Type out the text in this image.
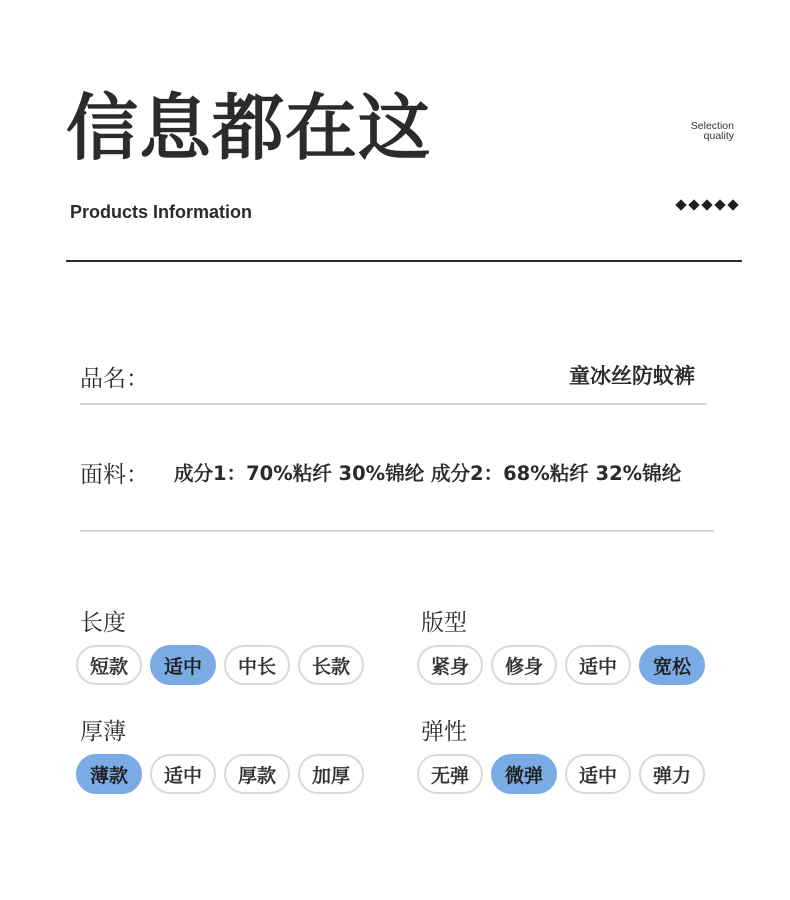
信息都在这	Selection
quality
Products Information
品名：	童冰丝防蚊裤
面料： 成分1：70%粘纤 30%锦纶 成分2：68%粘纤 32%锦纶
长度
短款	适中	中长	长款
版型
紧身	修身	适中	宽松
厚薄
薄款	适中	厚款	加厚
弹性
无弹	微弹	适中	弹力
